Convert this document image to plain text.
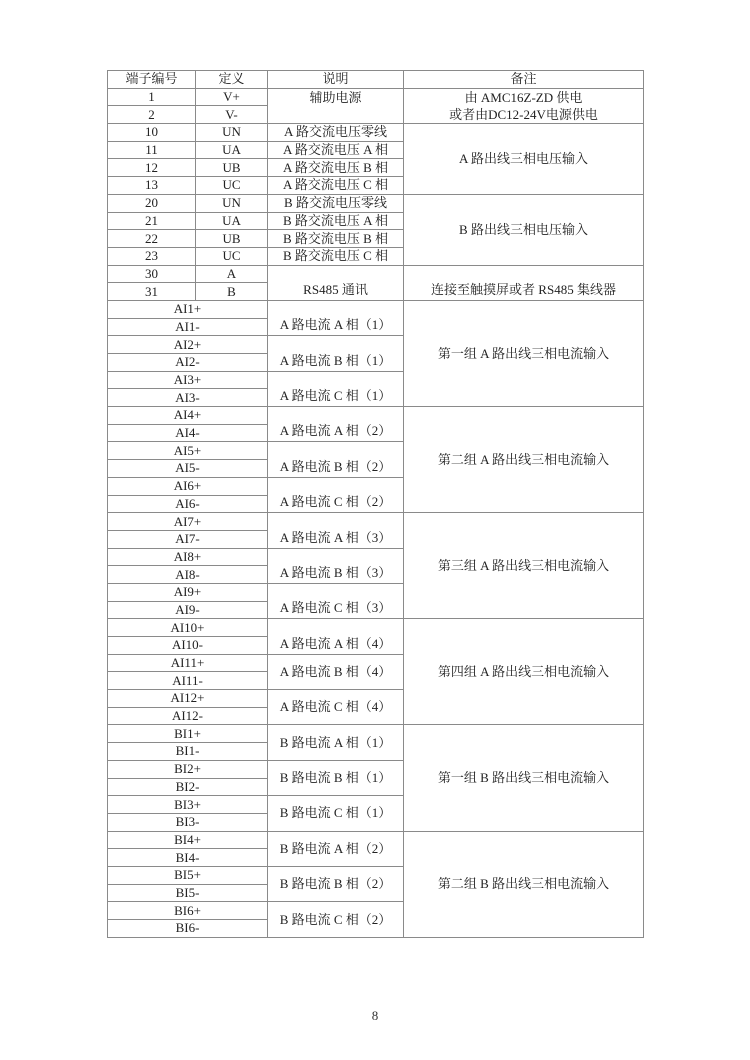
端子编号	定义	说明	备注
1	V+	辅助电源	由 AMC16Z-ZD 供电
或者由DC12-24V电源供电
2	V-		
10	UN	A 路交流电压零线	A 路出线三相电压输入
11	UA	A 路交流电压 A 相	
12	UB	A 路交流电压 B 相	
13	UC	A 路交流电压 C 相	
20	UN	B 路交流电压零线	B 路出线三相电压输入
21	UA	B 路交流电压 A 相	
22	UB	B 路交流电压 B 相	
23	UC	B 路交流电压 C 相	
30	A	RS485 通讯	连接至触摸屏或者 RS485 集线器
31	B		
AI1+		A 路电流 A 相（1）	第一组 A 路出线三相电流输入
AI1-			
AI2+		A 路电流 B 相（1）	
AI2-			
AI3+		A 路电流 C 相（1）	
AI3-			
AI4+		A 路电流 A 相（2）	第二组 A 路出线三相电流输入
AI4-			
AI5+		A 路电流 B 相（2）	
AI5-			
AI6+		A 路电流 C 相（2）	
AI6-			
AI7+		A 路电流 A 相（3）	第三组 A 路出线三相电流输入
AI7-			
AI8+		A 路电流 B 相（3）	
AI8-			
AI9+		A 路电流 C 相（3）	
AI9-			
AI10+		A 路电流 A 相（4）	第四组 A 路出线三相电流输入
AI10-			
AI11+		A 路电流 B 相（4）	
AI11-			
AI12+		A 路电流 C 相（4）	
AI12-			
BI1+		B 路电流 A 相（1）	第一组 B 路出线三相电流输入
BI1-			
BI2+		B 路电流 B 相（1）	
BI2-			
BI3+		B 路电流 C 相（1）	
BI3-			
BI4+		B 路电流 A 相（2）	第二组 B 路出线三相电流输入
BI4-			
BI5+		B 路电流 B 相（2）	
BI5-			
BI6+		B 路电流 C 相（2）	
BI6-			
8
